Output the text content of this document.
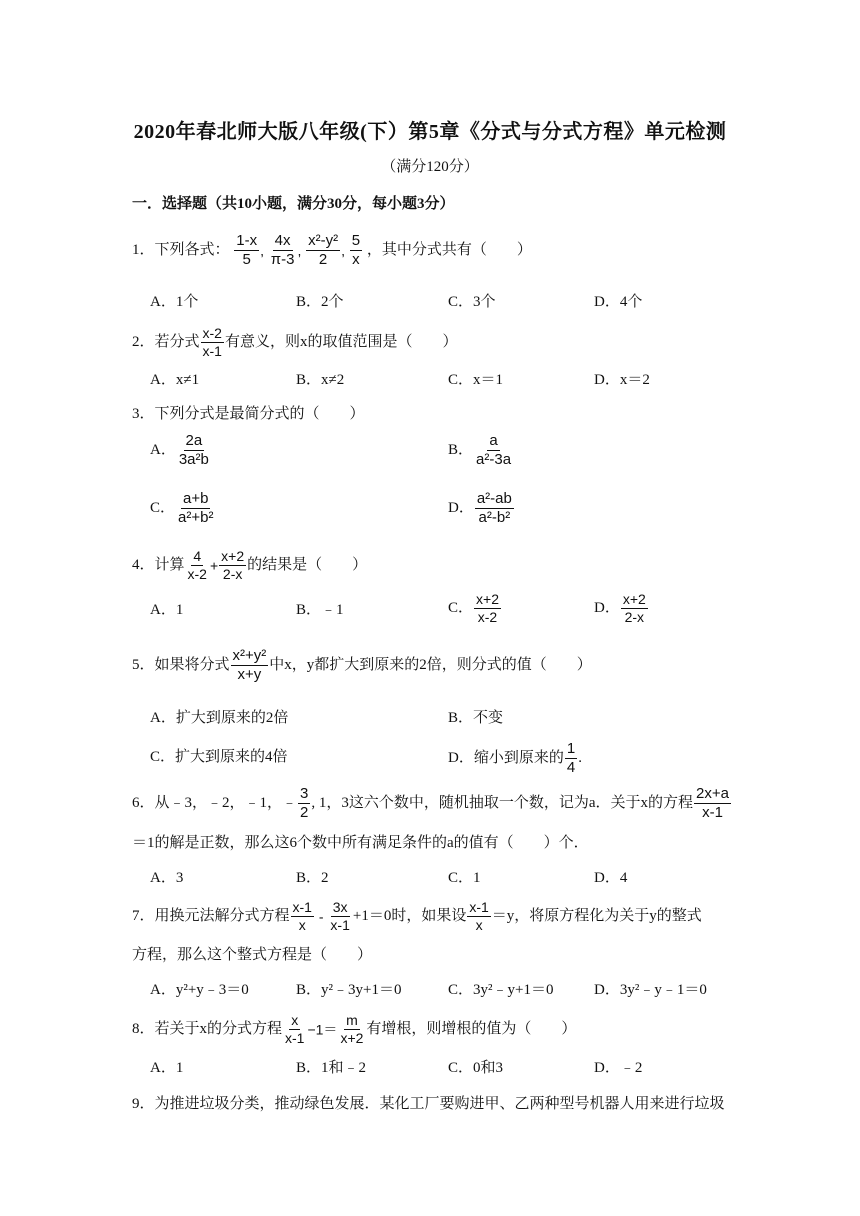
2020年春北师大版八年级(下）第5章《分式与分式方程》单元检测
（满分120分）
一．选择题（共10小题，满分30分，每小题3分）
1．下列各式： $\frac{1-x}{5}$ , $\frac{4x}{\pi-3}$ , $\frac{\text{x²-y²}}{2}$ , $\frac{5}{x}$ ，其中分式共有（　　）
A．1个	B．2个	C．3个	D．4个
2．若分式 $\frac{x-2}{x-1}$ 有意义，则x的取值范围是（　　）
A．x≠1	B．x≠2	C．x＝1	D．x＝2
3．下列分式是最简分式的（　　）
A． $\frac{2a}{\text{3a²b}}$	B． $\frac{a}{\text{a²-3a}}$
C． $\frac{a+b}{\text{a²+b²}}$	D． $\frac{\text{a²-ab}}{\text{a²-b²}}$
4．计算 $\frac{4}{x-2} + \frac{x+2}{2-x}$ 的结果是（　　）
A．1	B．﹣1	C． $\frac{x+2}{x-2}$	D． $\frac{x+2}{2-x}$
5．如果将分式 $\frac{\text{x²+y²}}{x+y}$ 中x，y都扩大到原来的2倍，则分式的值（　　）
A．扩大到原来的2倍	B．不变
C．扩大到原来的4倍	D．缩小到原来的 $\frac{1}{4}$ .
6．从﹣3，﹣2，﹣1，﹣ $\frac{3}{2}$ , 1，3这六个数中，随机抽取一个数，记为a．关于x的方程 $\frac{2x+a}{x-1}$
＝1的解是正数，那么这6个数中所有满足条件的a的值有（　　）个．
A．3	B．2	C．1	D．4
7．用换元法解分式方程 $\frac{x-1}{x} - \frac{3x}{x-1} +1=0$时，如果设 $\frac{x-1}{x} =y$，将原方程化为关于y的整式
方程，那么这个整式方程是（　　）
A．y²+y﹣3＝0	B．y²﹣3y+1＝0	C．3y²﹣y+1＝0	D．3y²﹣y﹣1＝0
8．若关于x的分式方程 $\frac{x}{x-1} -1= \frac{m}{x+2}$ 有增根，则增根的值为（　　）
A．1	B．1和﹣2	C．0和3	D．﹣2
9．为推进垃圾分类，推动绿色发展．某化工厂要购进甲、乙两种型号机器人用来进行垃圾
